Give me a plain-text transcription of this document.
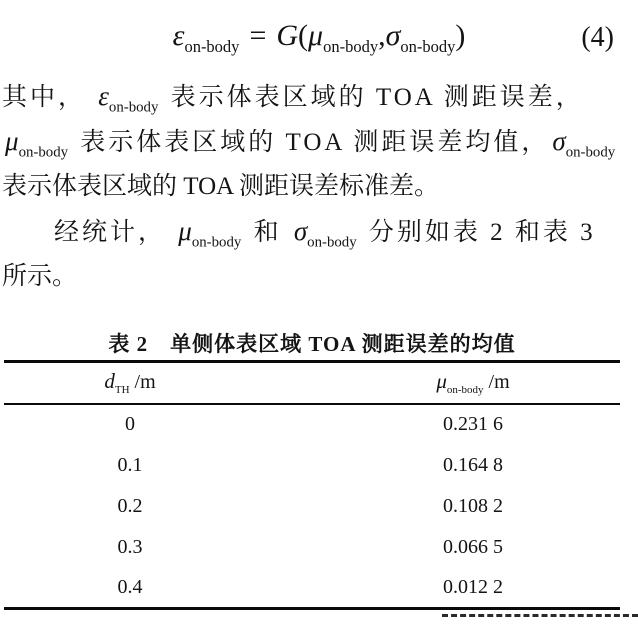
$\varepsilon_{on-body} = G(\mu_{on-body},\sigma_{on-body})$	(4)
其中， $\varepsilon_{on-body}$ 表示体表区域的 TOA 测距误差，
$\mu_{on-body}$ 表示体表区域的 TOA 测距误差均值， $\sigma_{on-body}$
表示体表区域的 TOA 测距误差标准差。
经统计， $\mu_{on-body}$ 和 $\sigma_{on-body}$ 分别如表 2 和表 3
所示。
表 2 单侧体表区域 TOA 测距误差的均值
$d_{TH}$ /m	$\mu_{on-body}$ /m
0	0.231 6
0.1	0.164 8
0.2	0.108 2
0.3	0.066 5
0.4	0.012 2
